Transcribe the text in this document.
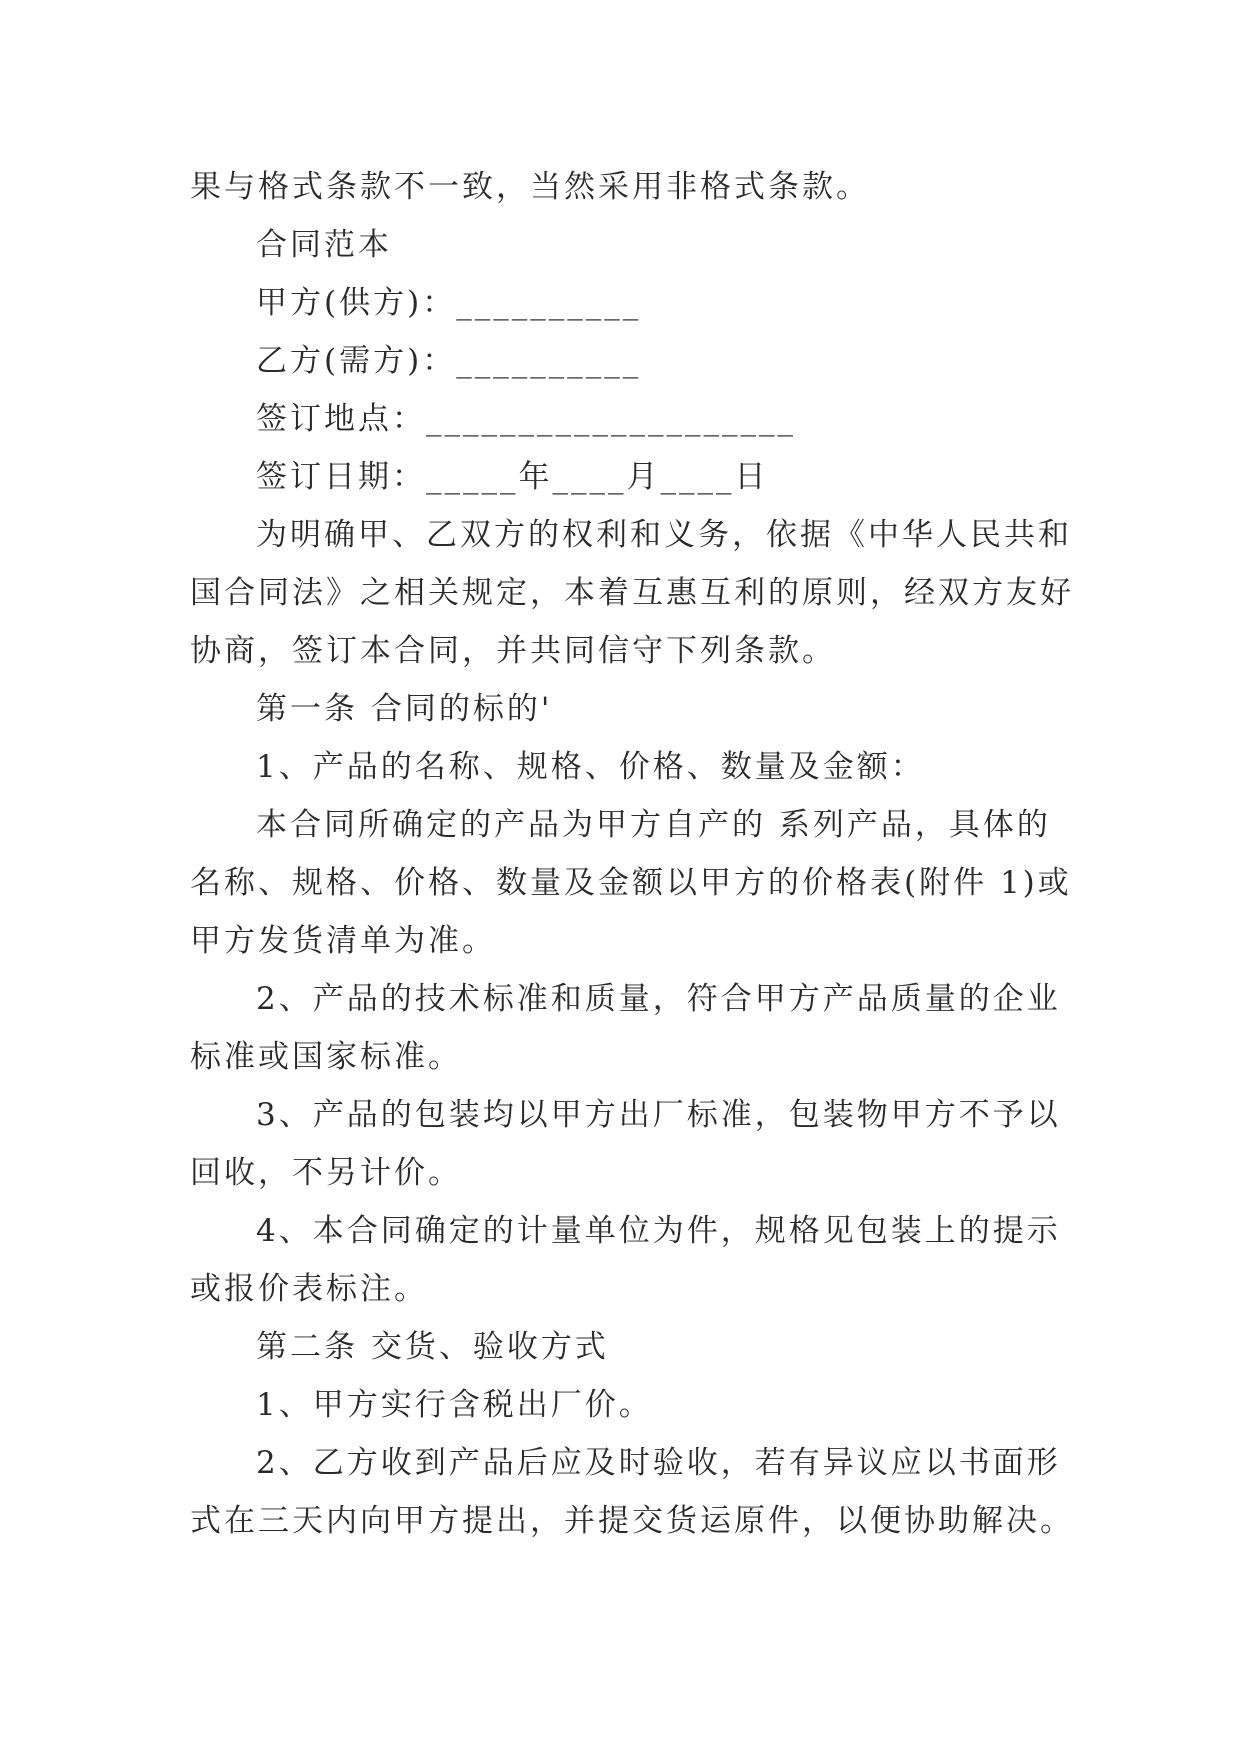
果与格式条款不一致，当然采用非格式条款。

合同范本

甲方(供方)：__________

乙方(需方)：__________

签订地点：____________________

签订日期：_____年____月____日

为明确甲、乙双方的权利和义务，依据《中华人民共和

国合同法》之相关规定，本着互惠互利的原则，经双方友好

协商，签订本合同，并共同信守下列条款。

第一条 合同的标的'

1、产品的名称、规格、价格、数量及金额：

本合同所确定的产品为甲方自产的 系列产品，具体的

名称、规格、价格、数量及金额以甲方的价格表(附件 1)或

甲方发货清单为准。

2、产品的技术标准和质量，符合甲方产品质量的企业

标准或国家标准。

3、产品的包装均以甲方出厂标准，包装物甲方不予以

回收，不另计价。

4、本合同确定的计量单位为件，规格见包装上的提示

或报价表标注。

第二条 交货、验收方式

1、甲方实行含税出厂价。

2、乙方收到产品后应及时验收，若有异议应以书面形

式在三天内向甲方提出，并提交货运原件，以便协助解决。
